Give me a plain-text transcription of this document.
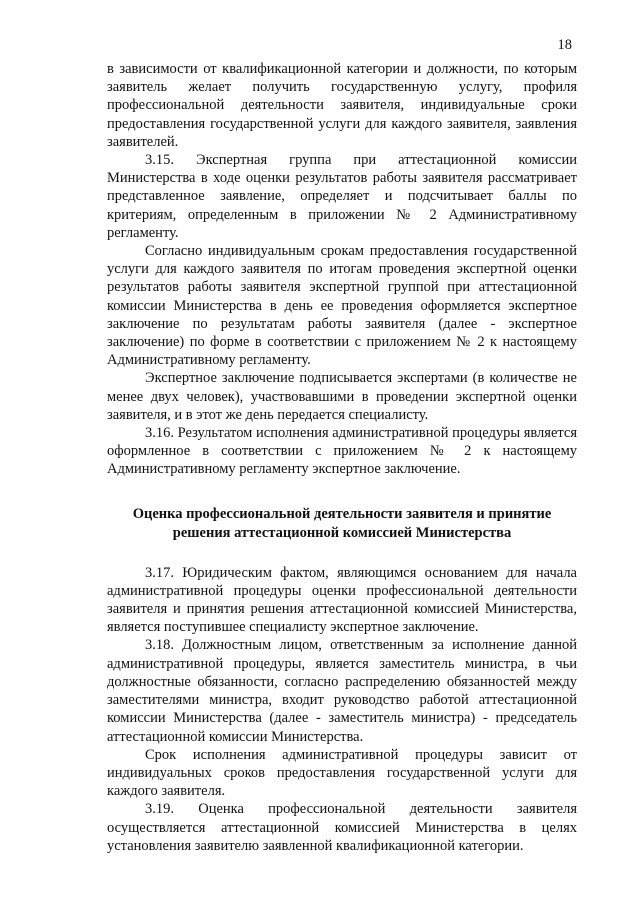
18

в зависимости от квалификационной категории и должности, по которым заявитель желает получить государственную услугу, профиля профессиональной деятельности заявителя, индивидуальные сроки предоставления государственной услуги для каждого заявителя, заявления заявителей.

3.15. Экспертная группа при аттестационной комиссии Министерства в ходе оценки результатов работы заявителя рассматривает представленное заявление, определяет и подсчитывает баллы по критериям, определенным в приложении № 2 Административному регламенту.

Согласно индивидуальным срокам предоставления государственной услуги для каждого заявителя по итогам проведения экспертной оценки результатов работы заявителя экспертной группой при аттестационной комиссии Министерства в день ее проведения оформляется экспертное заключение по результатам работы заявителя (далее - экспертное заключение) по форме в соответствии с приложением № 2 к настоящему Административному регламенту.

Экспертное заключение подписывается экспертами (в количестве не менее двух человек), участвовавшими в проведении экспертной оценки заявителя, и в этот же день передается специалисту.

3.16. Результатом исполнения административной процедуры является оформленное в соответствии с приложением № 2 к настоящему Административному регламенту экспертное заключение.

Оценка профессиональной деятельности заявителя и принятие
решения аттестационной комиссией Министерства

3.17. Юридическим фактом, являющимся основанием для начала административной процедуры оценки профессиональной деятельности заявителя и принятия решения аттестационной комиссией Министерства, является поступившее специалисту экспертное заключение.

3.18. Должностным лицом, ответственным за исполнение данной административной процедуры, является заместитель министра, в чьи должностные обязанности, согласно распределению обязанностей между заместителями министра, входит руководство работой аттестационной комиссии Министерства (далее - заместитель министра) - председатель аттестационной комиссии Министерства.

Срок исполнения административной процедуры зависит от индивидуальных сроков предоставления государственной услуги для каждого заявителя.

3.19. Оценка профессиональной деятельности заявителя осуществляется аттестационной комиссией Министерства в целях установления заявителю заявленной квалификационной категории.
